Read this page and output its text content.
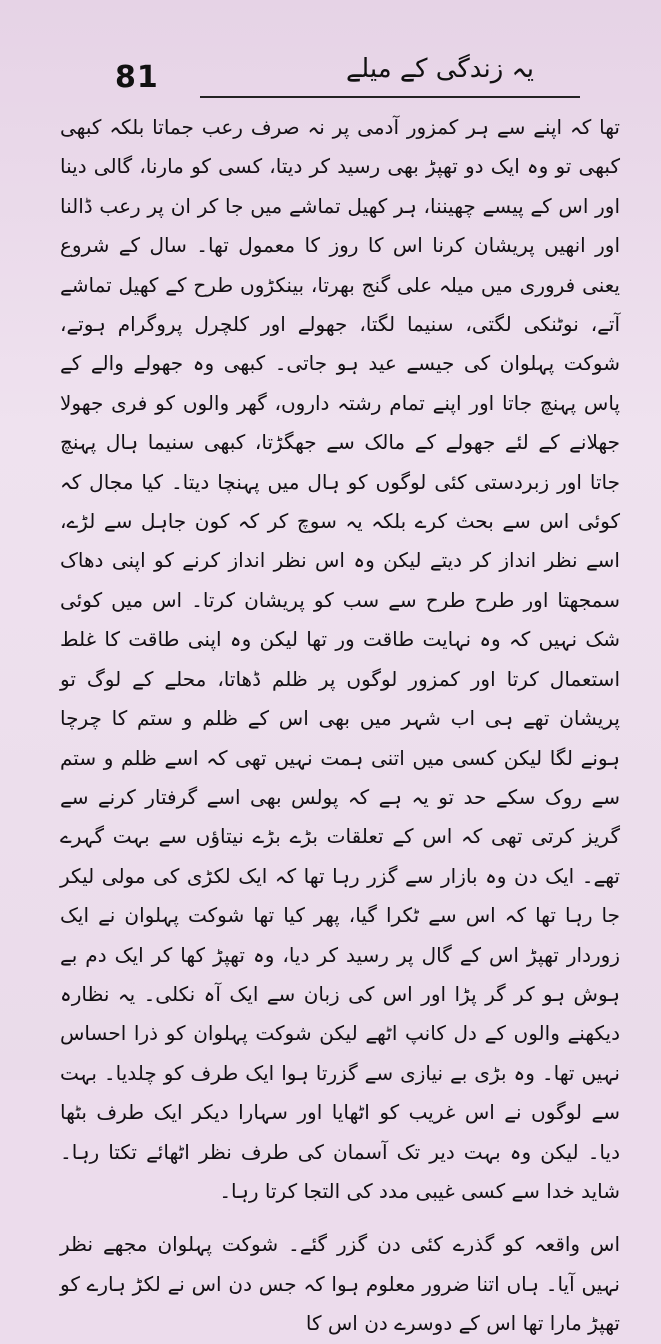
81	یہ زندگی کے میلے

تھا کہ اپنے سے ہر کمزور آدمی پر نہ صرف رعب جماتا بلکہ کبھی کبھی تو وہ ایک دو تھپڑ بھی رسید کر دیتا، کسی کو مارنا، گالی دینا اور اس کے پیسے چھیننا، ہر کھیل تماشے میں جا کر ان پر رعب ڈالنا اور انھیں پریشان کرنا اس کا روز کا معمول تھا۔ سال کے شروع یعنی فروری میں میلہ علی گنج بھرتا، بینکڑوں طرح کے کھیل تماشے آتے، نوٹنکی لگتی، سنیما لگتا، جھولے اور کلچرل پروگرام ہوتے، شوکت پہلوان کی جیسے عید ہو جاتی۔ کبھی وہ جھولے والے کے پاس پہنچ جاتا اور اپنے تمام رشتہ داروں، گھر والوں کو فری جھولا جھلانے کے لئے جھولے کے مالک سے جھگڑتا، کبھی سنیما ہال پہنچ جاتا اور زبردستی کئی لوگوں کو ہال میں پہنچا دیتا۔ کیا مجال کہ کوئی اس سے بحث کرے بلکہ یہ سوچ کر کہ کون جاہل سے لڑے، اسے نظر انداز کر دیتے لیکن وہ اس نظر انداز کرنے کو اپنی دھاک سمجھتا اور طرح طرح سے سب کو پریشان کرتا۔ اس میں کوئی شک نہیں کہ وہ نہایت طاقت ور تھا لیکن وہ اپنی طاقت کا غلط استعمال کرتا اور کمزور لوگوں پر ظلم ڈھاتا، محلے کے لوگ تو پریشان تھے ہی اب شہر میں بھی اس کے ظلم و ستم کا چرچا ہونے لگا لیکن کسی میں اتنی ہمت نہیں تھی کہ اسے ظلم و ستم سے روک سکے حد تو یہ ہے کہ پولس بھی اسے گرفتار کرنے سے گریز کرتی تھی کہ اس کے تعلقات بڑے بڑے نیتاؤں سے بہت گہرے تھے۔ ایک دن وہ بازار سے گزر رہا تھا کہ ایک لکڑی کی مولی لیکر جا رہا تھا کہ اس سے ٹکرا گیا، پھر کیا تھا شوکت پہلوان نے ایک زوردار تھپڑ اس کے گال پر رسید کر دیا، وہ تھپڑ کھا کر ایک دم بے ہوش ہو کر گر پڑا اور اس کی زبان سے ایک آہ نکلی۔ یہ نظارہ دیکھنے والوں کے دل کانپ اٹھے لیکن شوکت پہلوان کو ذرا احساس نہیں تھا۔ وہ بڑی بے نیازی سے گزرتا ہوا ایک طرف کو چلدیا۔ بہت سے لوگوں نے اس غریب کو اٹھایا اور سہارا دیکر ایک طرف بٹھا دیا۔ لیکن وہ بہت دیر تک آسمان کی طرف نظر اٹھائے تکتا رہا۔ شاید خدا سے کسی غیبی مدد کی التجا کرتا رہا۔

اس واقعہ کو گذرے کئی دن گزر گئے۔ شوکت پہلوان مجھے نظر نہیں آیا۔ ہاں اتنا ضرور معلوم ہوا کہ جس دن اس نے لکڑ ہارے کو تھپڑ مارا تھا اس کے دوسرے دن اس کا
